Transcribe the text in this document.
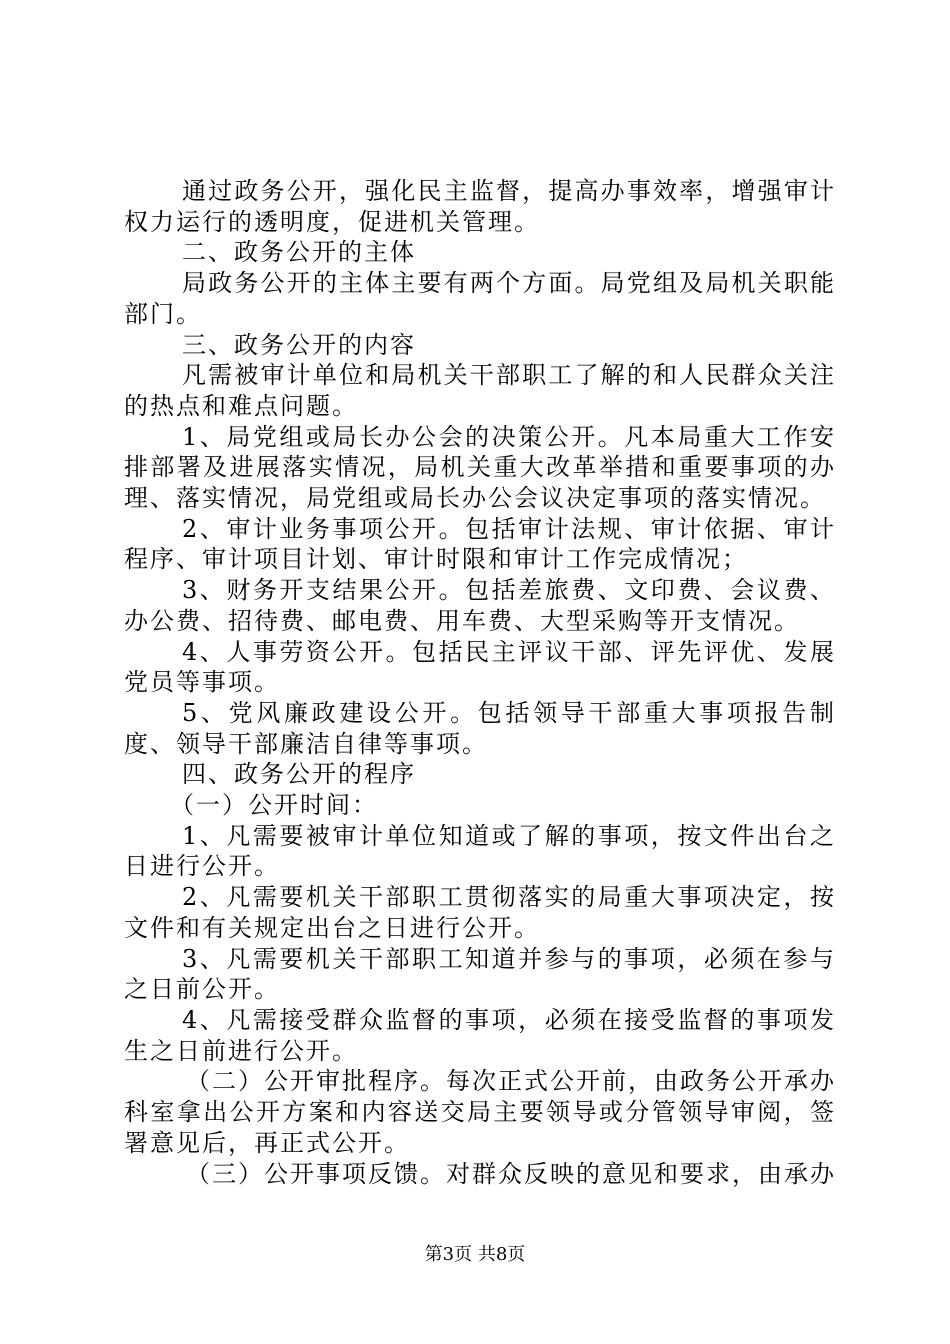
通过政务公开，强化民主监督，提高办事效率，增强审计权力运行的透明度，促进机关管理。

二、政务公开的主体

局政务公开的主体主要有两个方面。局党组及局机关职能部门。

三、政务公开的内容

凡需被审计单位和局机关干部职工了解的和人民群众关注的热点和难点问题。

1、局党组或局长办公会的决策公开。凡本局重大工作安排部署及进展落实情况，局机关重大改革举措和重要事项的办理、落实情况，局党组或局长办公会议决定事项的落实情况。

2、审计业务事项公开。包括审计法规、审计依据、审计程序、审计项目计划、审计时限和审计工作完成情况；

3、财务开支结果公开。包括差旅费、文印费、会议费、办公费、招待费、邮电费、用车费、大型采购等开支情况。

4、人事劳资公开。包括民主评议干部、评先评优、发展党员等事项。

5、党风廉政建设公开。包括领导干部重大事项报告制度、领导干部廉洁自律等事项。

四、政务公开的程序

（一）公开时间：

1、凡需要被审计单位知道或了解的事项，按文件出台之日进行公开。

2、凡需要机关干部职工贯彻落实的局重大事项决定，按文件和有关规定出台之日进行公开。

3、凡需要机关干部职工知道并参与的事项，必须在参与之日前公开。

4、凡需接受群众监督的事项，必须在接受监督的事项发生之日前进行公开。

（二）公开审批程序。每次正式公开前，由政务公开承办科室拿出公开方案和内容送交局主要领导或分管领导审阅，签署意见后，再正式公开。

（三）公开事项反馈。对群众反映的意见和要求，由承办

第3页 共8页
